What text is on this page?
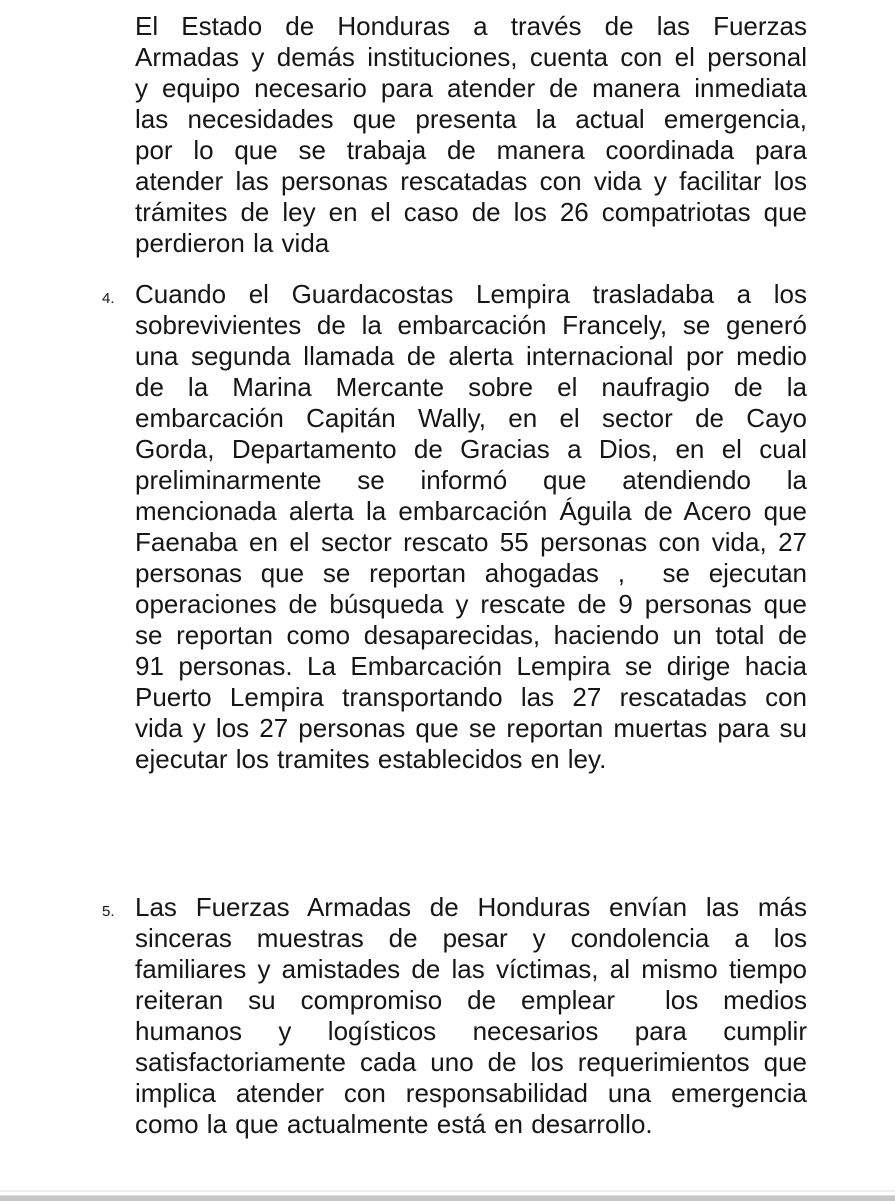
El Estado de Honduras a través de las Fuerzas
Armadas y demás instituciones, cuenta con el personal
y equipo necesario para atender de manera inmediata
las necesidades que presenta la actual emergencia,
por lo que se trabaja de manera coordinada para
atender las personas rescatadas con vida y facilitar los
trámites de ley en el caso de los 26 compatriotas que
perdieron la vida
4. Cuando el Guardacostas Lempira trasladaba a los
sobrevivientes de la embarcación Francely, se generó
una segunda llamada de alerta internacional por medio
de la Marina Mercante sobre el naufragio de la
embarcación Capitán Wally, en el sector de Cayo
Gorda, Departamento de Gracias a Dios, en el cual
preliminarmente se informó que atendiendo la
mencionada alerta la embarcación Águila de Acero que
Faenaba en el sector rescato 55 personas con vida, 27
personas que se reportan ahogadas ,  se ejecutan
operaciones de búsqueda y rescate de 9 personas que
se reportan como desaparecidas, haciendo un total de
91 personas. La Embarcación Lempira se dirige hacia
Puerto Lempira transportando las 27 rescatadas con
vida y los 27 personas que se reportan muertas para su
ejecutar los tramites establecidos en ley.
5. Las Fuerzas Armadas de Honduras envían las más
sinceras muestras de pesar y condolencia a los
familiares y amistades de las víctimas, al mismo tiempo
reiteran su compromiso de emplear  los medios
humanos y logísticos necesarios para cumplir
satisfactoriamente cada uno de los requerimientos que
implica atender con responsabilidad una emergencia
como la que actualmente está en desarrollo.
